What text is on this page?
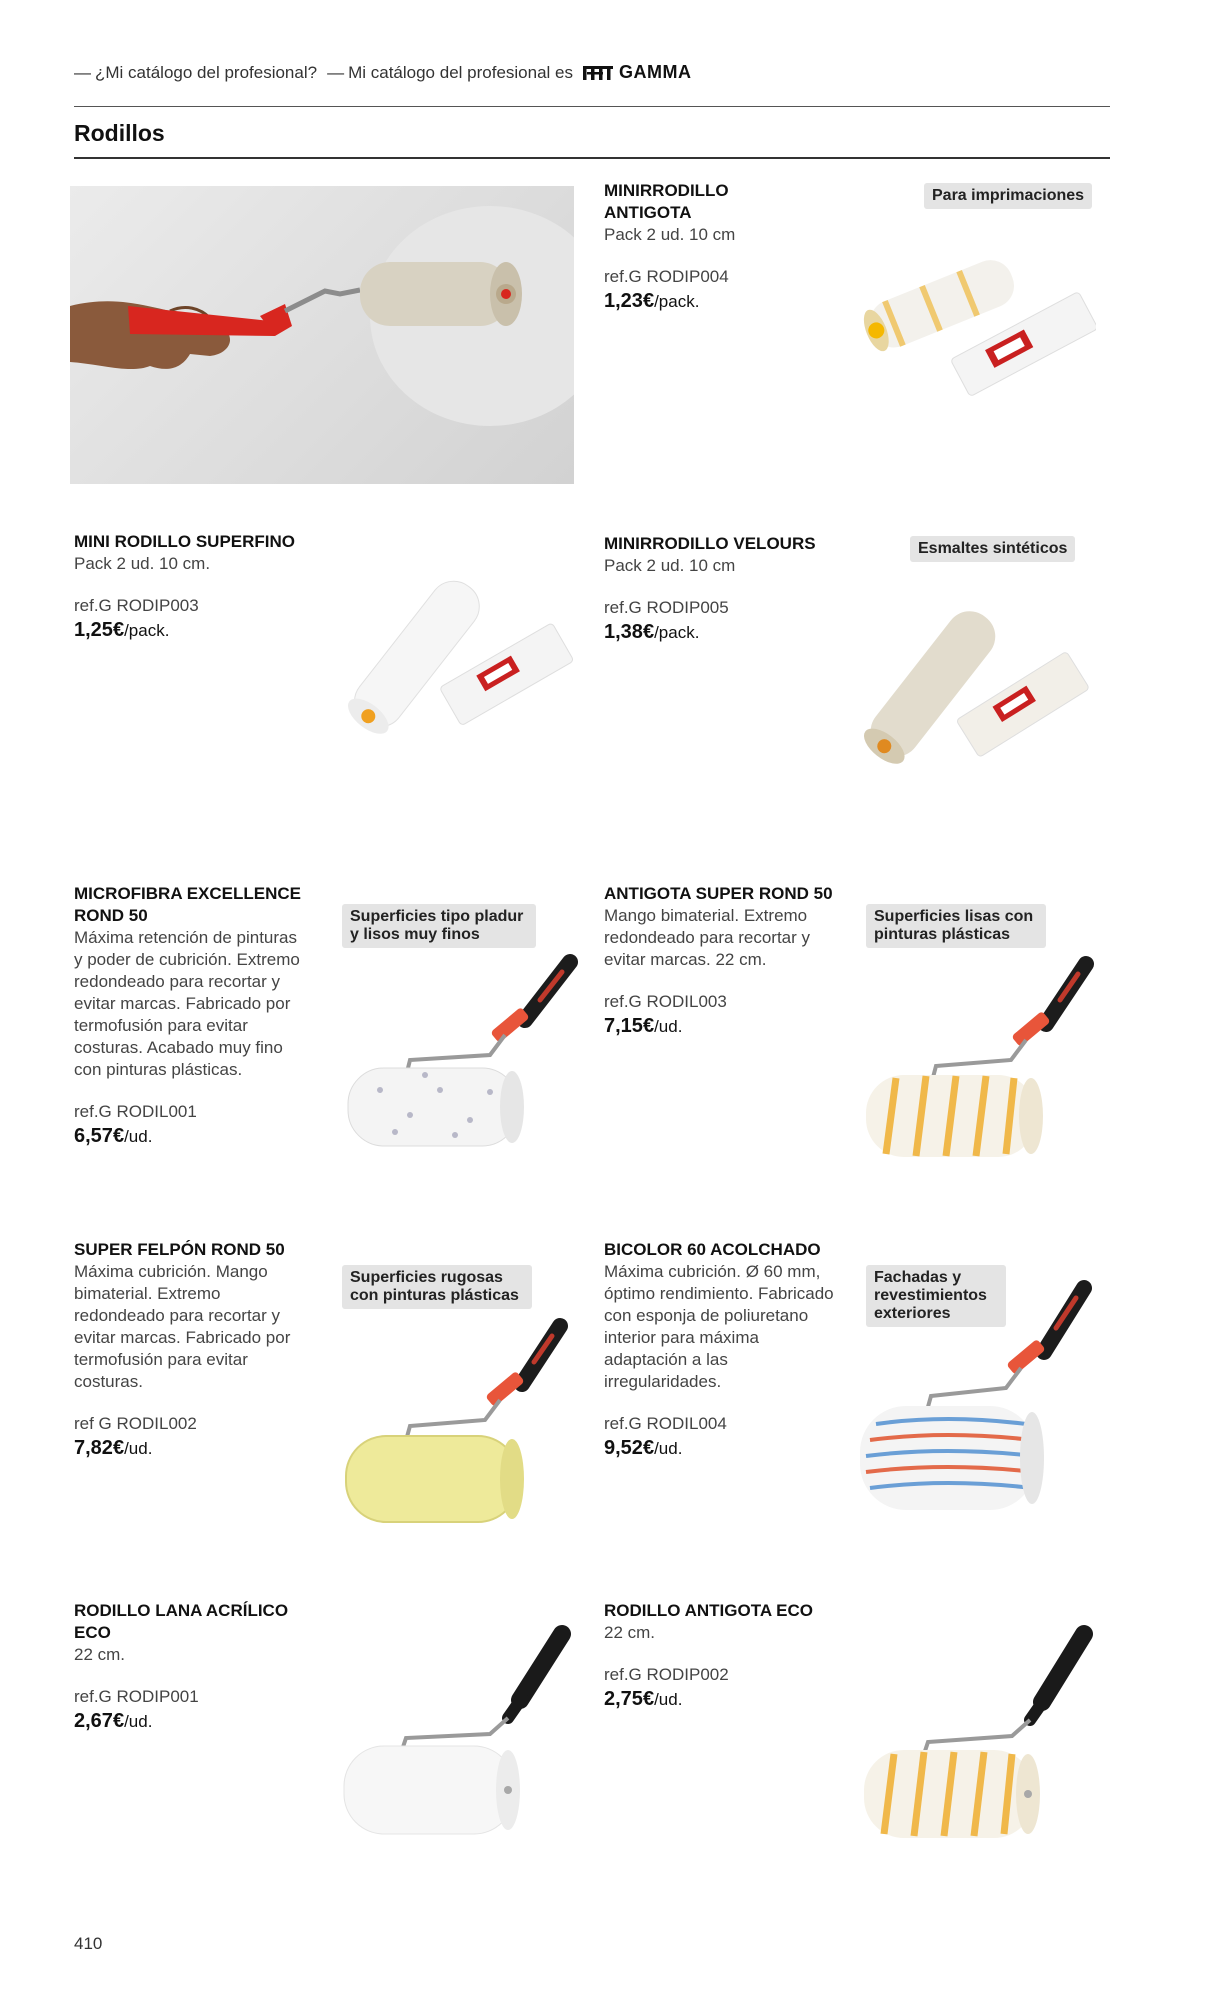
— ¿Mi catálogo del profesional? — Mi catálogo del profesional es	GAMMA
Rodillos
MINIRRODILLO ANTIGOTA
Pack 2 ud. 10 cm
ref.G RODIP004
1,23€/pack.
Para imprimaciones
MINI RODILLO SUPERFINO
Pack 2 ud. 10 cm.
ref.G RODIP003
1,25€/pack.
MINIRRODILLO VELOURS
Pack 2 ud. 10 cm
ref.G RODIP005
1,38€/pack.
Esmaltes sintéticos
MICROFIBRA EXCELLENCE ROND 50
Máxima retención de pinturas y poder de cubrición. Extremo redondeado para recortar y evitar marcas. Fabricado por termofusión para evitar costuras. Acabado muy fino con pinturas plásticas.
ref.G RODIL001
6,57€/ud.
Superficies tipo pladur y lisos muy finos
ANTIGOTA SUPER ROND 50
Mango bimaterial. Extremo redondeado para recortar y evitar marcas. 22 cm.
ref.G RODIL003
7,15€/ud.
Superficies lisas con pinturas plásticas
SUPER FELPÓN ROND 50
Máxima cubrición. Mango bimaterial. Extremo redondeado para recortar y evitar marcas. Fabricado por termofusión para evitar costuras.
ref G RODIL002
7,82€/ud.
Superficies rugosas con pinturas plásticas
BICOLOR 60 ACOLCHADO
Máxima cubrición. Ø 60 mm, óptimo rendimiento. Fabricado con esponja de poliuretano interior para máxima adaptación a las irregularidades.
ref.G RODIL004
9,52€/ud.
Fachadas y revestimientos exteriores
RODILLO LANA ACRÍLICO ECO
22 cm.
ref.G RODIP001
2,67€/ud.
RODILLO ANTIGOTA ECO
22 cm.
ref.G RODIP002
2,75€/ud.
410
